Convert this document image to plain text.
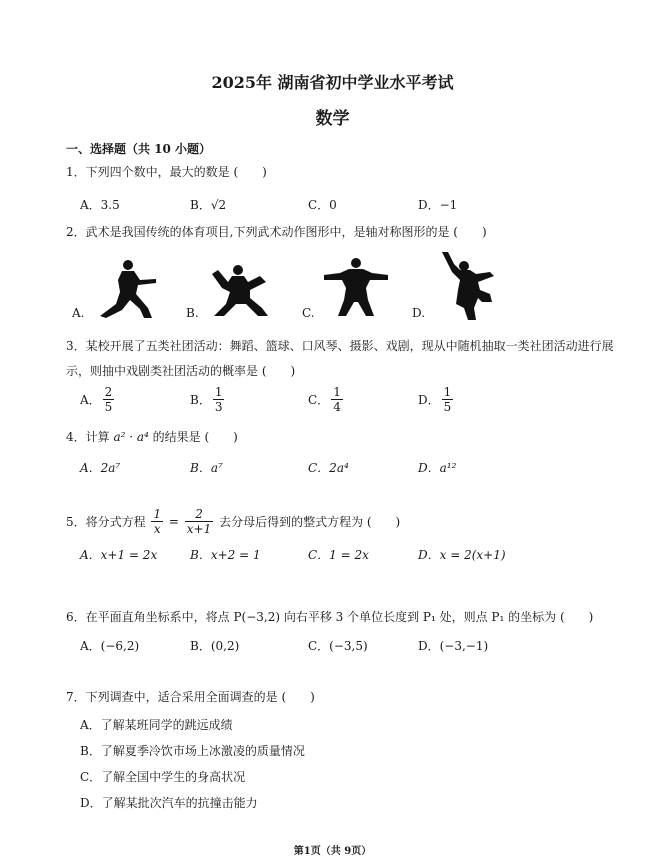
2025年 湖南省初中学业水平考试
数学
一、选择题（共 10 小题）
1．下列四个数中，最大的数是 (　　)
A．3.5	B．√2	C．0	D．−1
2．武术是我国传统的体育项目,下列武术动作图形中，是轴对称图形的是 (　　)
A.	B.	C.	D.
3．某校开展了五类社团活动：舞蹈、篮球、口风琴、摄影、戏剧，现从中随机抽取一类社团活动进行展
示，则抽中戏剧类社团活动的概率是 (　　)
A． $\frac{2}{5}$	B． $\frac{1}{3}$	C． $\frac{1}{4}$	D． $\frac{1}{5}$
4．计算 a² · a⁴ 的结果是 (　　)
A．2a⁷	B．a⁷	C．2a⁴	D．a¹²
5．将分式方程 $\frac{1}{x} = \frac{2}{x+1}$ 去分母后得到的整式方程为 (　　)
A．x+1 = 2x	B．x+2 = 1	C．1 = 2x	D．x = 2(x+1)
6．在平面直角坐标系中，将点 P(−3,2) 向右平移 3 个单位长度到 P₁ 处，则点 P₁ 的坐标为 (　　)
A．(−6,2)	B．(0,2)	C．(−3,5)	D．(−3,−1)
7．下列调查中，适合采用全面调查的是 (　　)
A．了解某班同学的跳远成绩
B．了解夏季冷饮市场上冰激凌的质量情况
C．了解全国中学生的身高状况
D．了解某批次汽车的抗撞击能力
第1页（共 9页）
